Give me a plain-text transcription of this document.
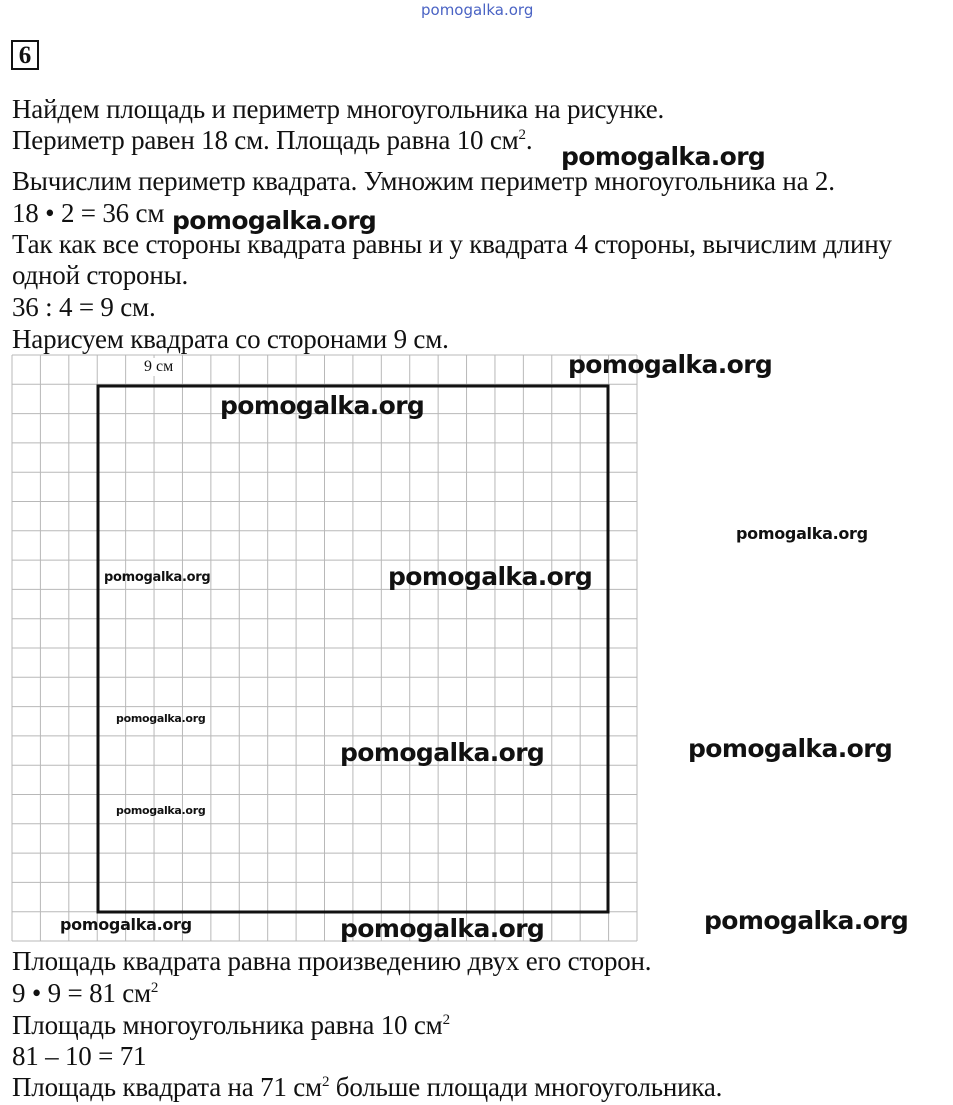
pomogalka.org
6
Найдем площадь и периметр многоугольника на рисунке.
Периметр равен 18 см. Площадь равна 10 $см^2$.
Вычислим периметр квадрата. Умножим периметр многоугольника на 2.
18 • 2 = 36 см
Так как все стороны квадрата равны и у квадрата 4 стороны, вычислим длину
одной стороны.
36 : 4 = 9 см.
Нарисуем квадрата со сторонами 9 см.
9 см
Площадь квадрата равна произведению двух его сторон.
9 • 9 = 81 $см^2$
Площадь многоугольника равна 10 $см^2$
81 – 10 = 71
Площадь квадрата на 71 $см^2$ больше площади многоугольника.
pomogalka.org
pomogalka.org
pomogalka.org
pomogalka.org
pomogalka.org
pomogalka.org	pomogalka.org
pomogalka.org
pomogalka.org
pomogalka.org
pomogalka.org
pomogalka.org	pomogalka.org
pomogalka.org
